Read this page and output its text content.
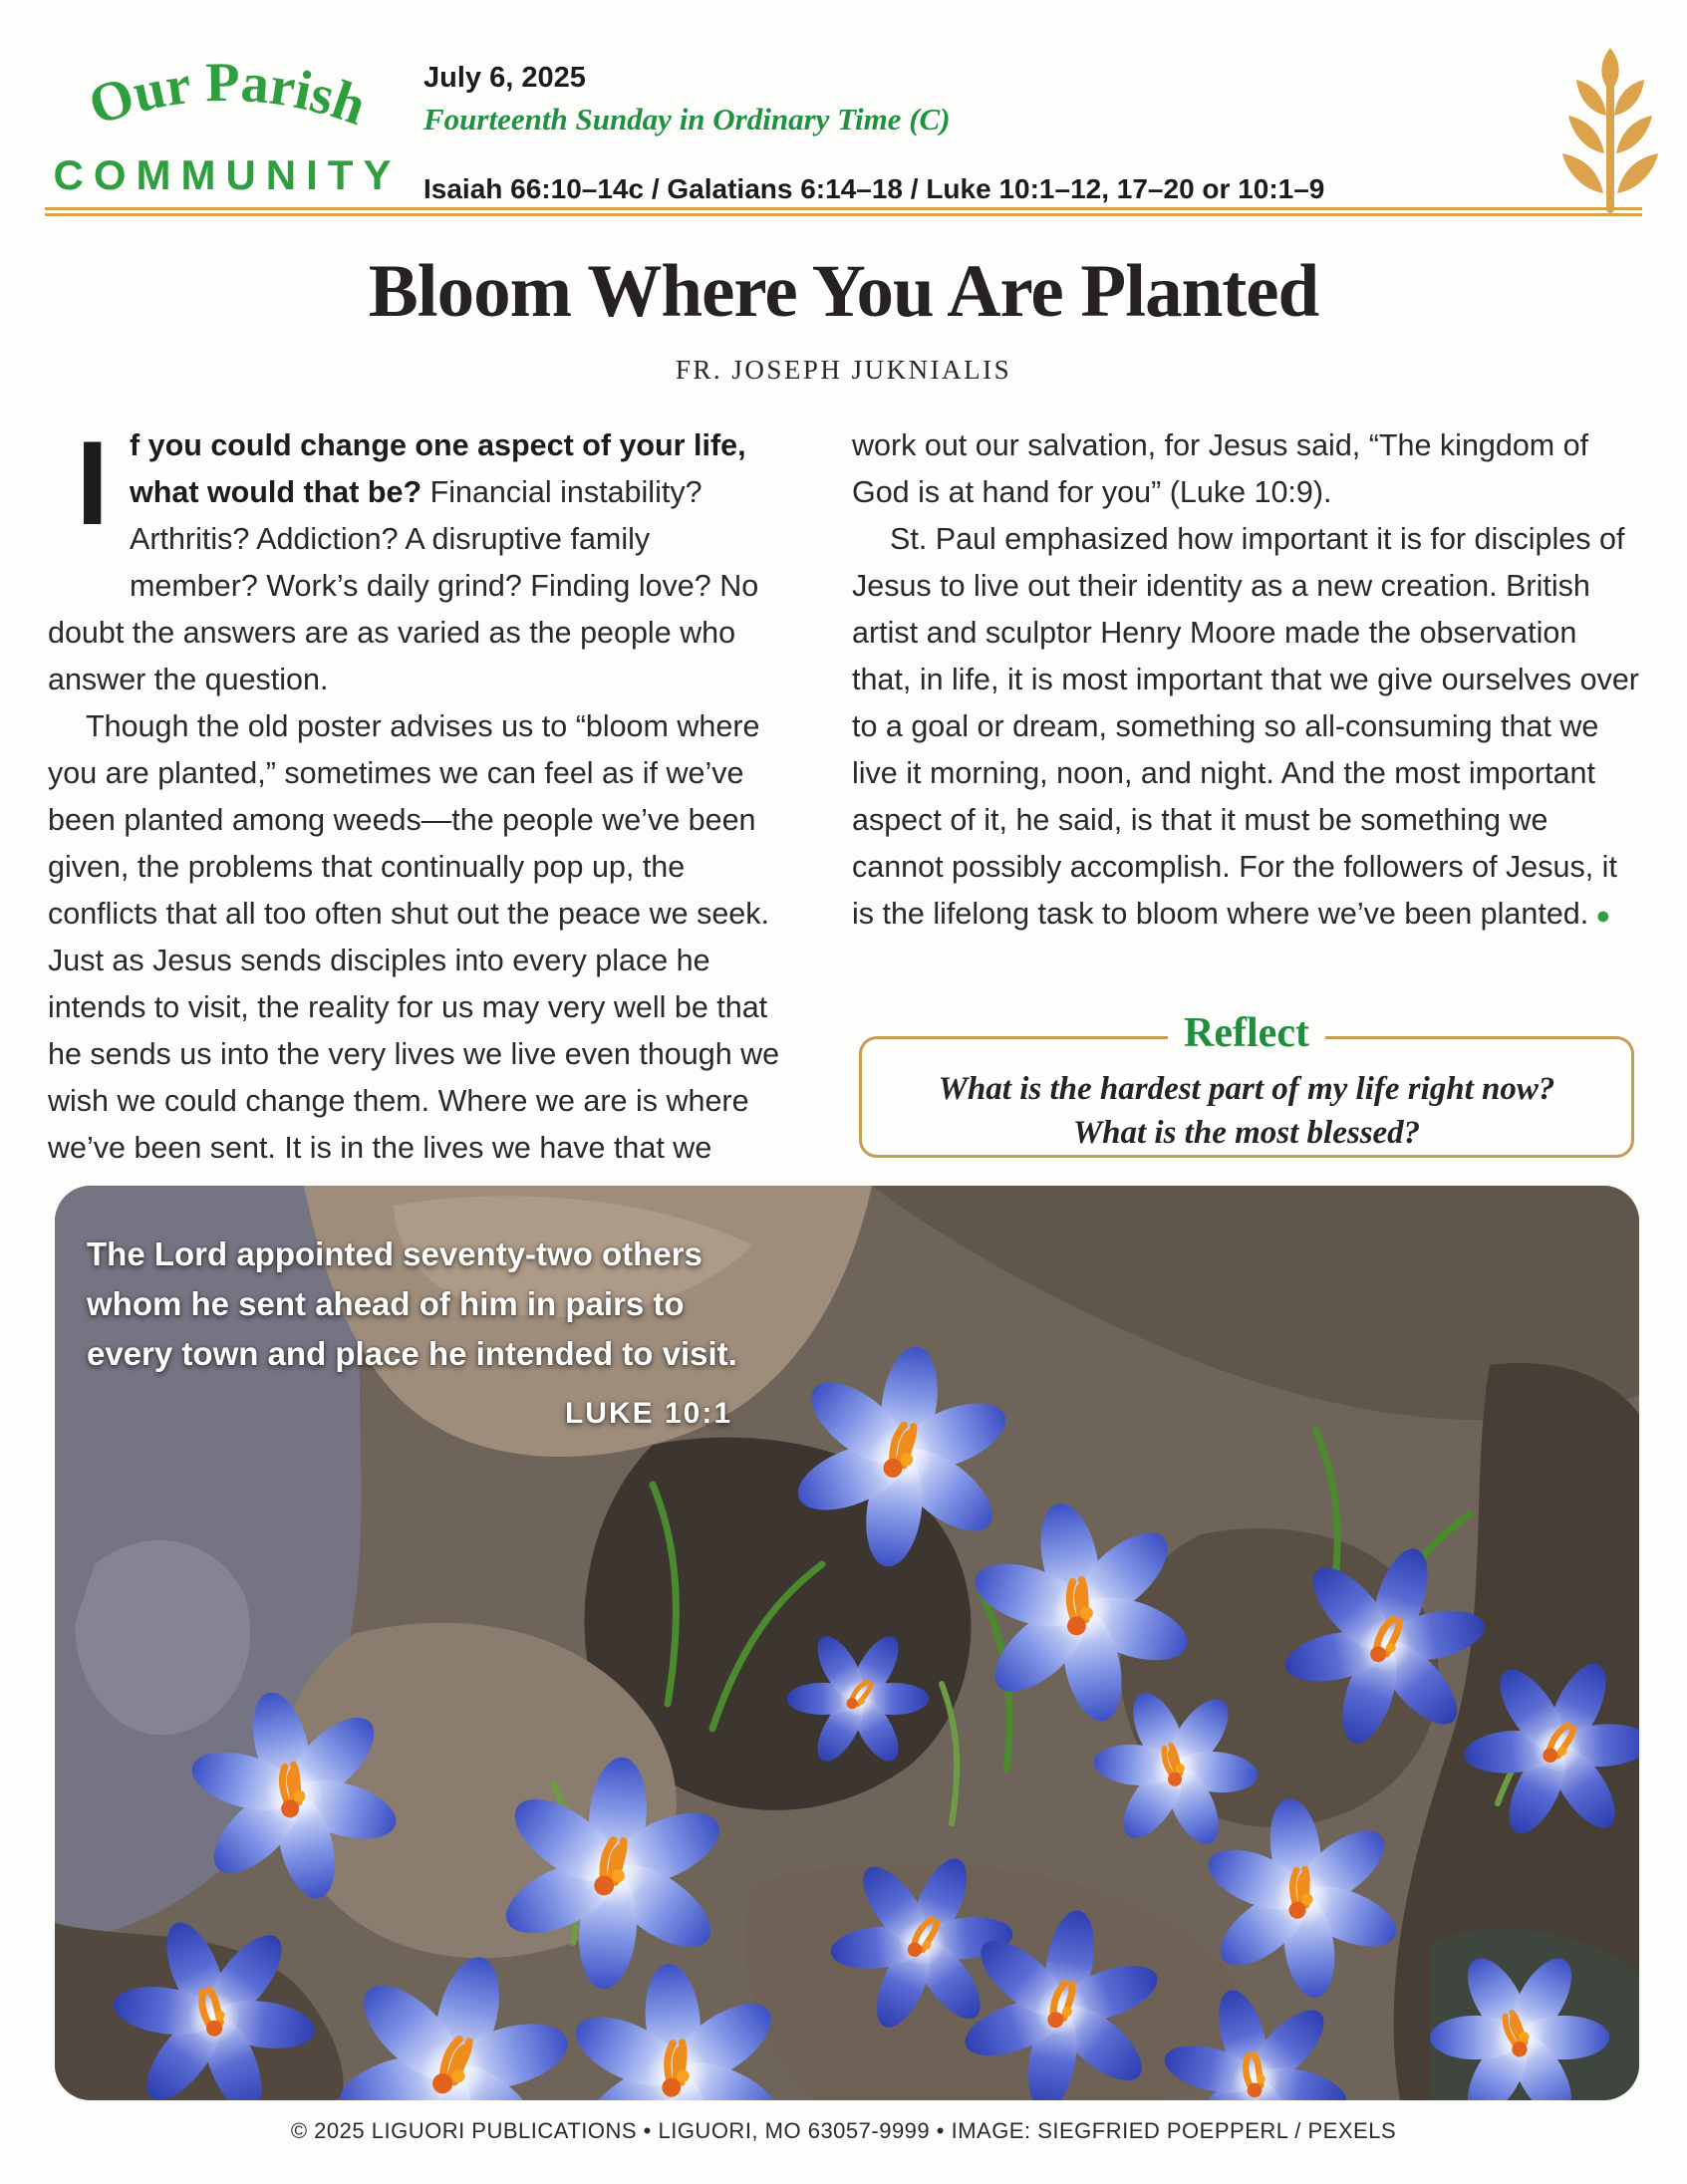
Our Parish
COMMUNITY
July 6, 2025
Fourteenth Sunday in Ordinary Time (C)
Isaiah 66:10–14c / Galatians 6:14–18 / Luke 10:1–12, 17–20 or 10:1–9
Bloom Where You Are Planted
FR. JOSEPH JUKNIALIS

If you could change one aspect of your life, what would that be? Financial instability? Arthritis? Addiction? A disruptive family member? Work’s daily grind? Finding love? No doubt the answers are as varied as the people who answer the question.

Though the old poster advises us to “bloom where you are planted,” sometimes we can feel as if we’ve been planted among weeds—the people we’ve been given, the problems that continually pop up, the conflicts that all too often shut out the peace we seek. Just as Jesus sends disciples into every place he intends to visit, the reality for us may very well be that he sends us into the very lives we live even though we wish we could change them. Where we are is where we’ve been sent. It is in the lives we have that we

work out our salvation, for Jesus said, “The kingdom of God is at hand for you” (Luke 10:9).

St. Paul emphasized how important it is for disciples of Jesus to live out their identity as a new creation. British artist and sculptor Henry Moore made the observation that, in life, it is most important that we give ourselves over to a goal or dream, something so all-consuming that we live it morning, noon, and night. And the most important aspect of it, he said, is that it must be something we cannot possibly accomplish. For the followers of Jesus, it is the lifelong task to bloom where we’ve been planted. ●

Reflect
What is the hardest part of my life right now?
What is the most blessed?
The Lord appointed seventy-two others
whom he sent ahead of him in pairs to
every town and place he intended to visit.
LUKE 10:1
© 2025 LIGUORI PUBLICATIONS • LIGUORI, MO 63057-9999 • IMAGE: SIEGFRIED POEPPERL / PEXELS
